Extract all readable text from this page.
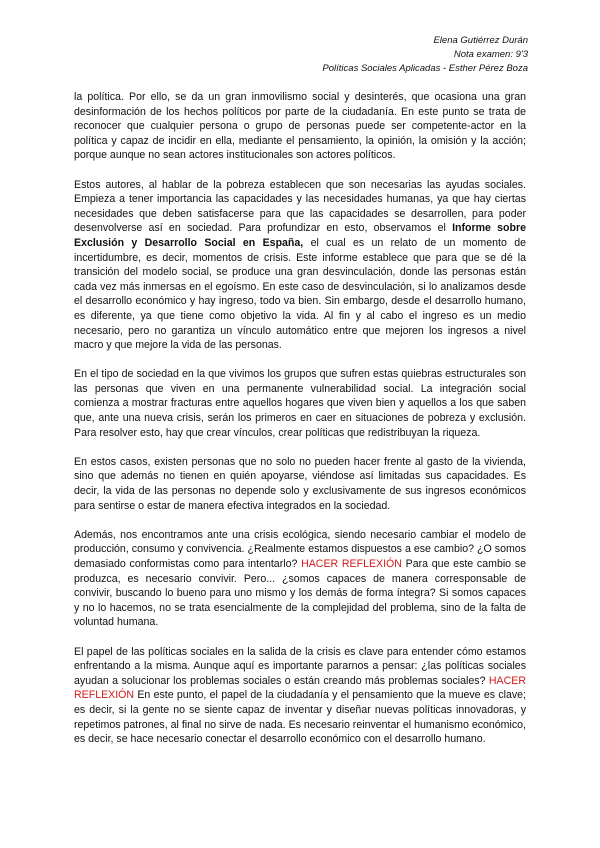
Elena Gutiérrez Durán
Nota examen: 9'3
Políticas Sociales Aplicadas - Esther Pérez Boza

la política. Por ello, se da un gran inmovilismo social y desinterés, que ocasiona una gran desinformación de los hechos políticos por parte de la ciudadanía. En este punto se trata de reconocer que cualquier persona o grupo de personas puede ser competente-actor en la política y capaz de incidir en ella, mediante el pensamiento, la opinión, la omisión y la acción; porque aunque no sean actores institucionales son actores políticos.

Estos autores, al hablar de la pobreza establecen que son necesarias las ayudas sociales. Empieza a tener importancia las capacidades y las necesidades humanas, ya que hay ciertas necesidades que deben satisfacerse para que las capacidades se desarrollen, para poder desenvolverse así en sociedad. Para profundizar en esto, observamos el Informe sobre Exclusión y Desarrollo Social en España, el cual es un relato de un momento de incertidumbre, es decir, momentos de crisis. Este informe establece que para que se dé la transición del modelo social, se produce una gran desvinculación, donde las personas están cada vez más inmersas en el egoísmo. En este caso de desvinculación, si lo analizamos desde el desarrollo económico y hay ingreso, todo va bien. Sin embargo, desde el desarrollo humano, es diferente, ya que tiene como objetivo la vida. Al fin y al cabo el ingreso es un medio necesario, pero no garantiza un vínculo automático entre que mejoren los ingresos a nivel macro y que mejore la vida de las personas.

En el tipo de sociedad en la que vivimos los grupos que sufren estas quiebras estructurales son las personas que viven en una permanente vulnerabilidad social. La integración social comienza a mostrar fracturas entre aquellos hogares que viven bien y aquellos a los que saben que, ante una nueva crisis, serán los primeros en caer en situaciones de pobreza y exclusión. Para resolver esto, hay que crear vínculos, crear políticas que redistribuyan la riqueza.

En estos casos, existen personas que no solo no pueden hacer frente al gasto de la vivienda, sino que además no tienen en quién apoyarse, viéndose así limitadas sus capacidades. Es decir, la vida de las personas no depende solo y exclusivamente de sus ingresos económicos para sentirse o estar de manera efectiva integrados en la sociedad.

Además, nos encontramos ante una crisis ecológica, siendo necesario cambiar el modelo de producción, consumo y convivencia. ¿Realmente estamos dispuestos a ese cambio? ¿O somos demasiado conformistas como para intentarlo? HACER REFLEXIÓN Para que este cambio se produzca, es necesario convivir. Pero... ¿somos capaces de manera corresponsable de convivir, buscando lo bueno para uno mismo y los demás de forma íntegra? Si somos capaces y no lo hacemos, no se trata esencialmente de la complejidad del problema, sino de la falta de voluntad humana.

El papel de las políticas sociales en la salida de la crisis es clave para entender cómo estamos enfrentando a la misma. Aunque aquí es importante pararnos a pensar: ¿las políticas sociales ayudan a solucionar los problemas sociales o están creando más problemas sociales? HACER REFLEXIÓN En este punto, el papel de la ciudadanía y el pensamiento que la mueve es clave; es decir, si la gente no se siente capaz de inventar y diseñar nuevas políticas innovadoras, y repetimos patrones, al final no sirve de nada. Es necesario reinventar el humanismo económico, es decir, se hace necesario conectar el desarrollo económico con el desarrollo humano.
